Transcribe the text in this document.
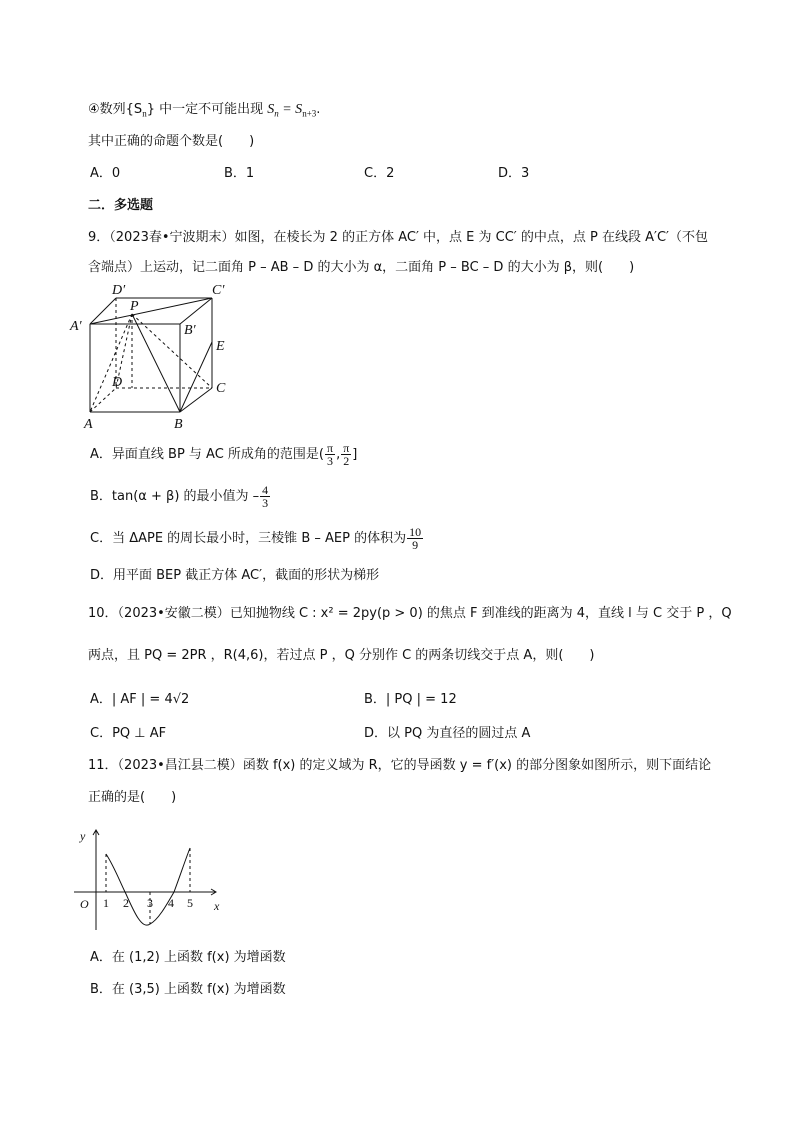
④数列$\{S_n\}$ 中一定不可能出现 $S_n = S_{n+3}$.
其中正确的命题个数是(　　)
A．0	B．1	C．2	D．3
二．多选题
9．（2023春•宁波期末）如图，在棱长为 2 的正方体 AC′ 中，点 E 为 CC′ 的中点，点 P 在线段 A′C′（不包
含端点）上运动，记二面角 P – AB – D 的大小为 α，二面角 P – BC – D 的大小为 β，则(　　)
D′	C′
A′
P
B′
E
D	C
A	B
A．异面直线 BP 与 AC 所成角的范围是( $\frac{\pi}{3}$ , $\frac{\pi}{2}$ ]
B．tan(α + β) 的最小值为 – $\frac{4}{3}$
C．当 ΔAPE 的周长最小时，三棱锥 B – AEP 的体积为 $\frac{10}{9}$
D．用平面 BEP 截正方体 AC′，截面的形状为梯形
10．（2023•安徽二模）已知抛物线 C : x² = 2py(p > 0) 的焦点 F 到准线的距离为 4，直线 l 与 C 交于 P ，Q
两点，且 PQ = 2PR ，R(4,6)，若过点 P ，Q 分别作 C 的两条切线交于点 A，则(　　)
A．| AF | = 4√2	B．| PQ | = 12
C．PQ ⊥ AF	D．以 PQ 为直径的圆过点 A
11．（2023•昌江县二模）函数 f(x) 的定义域为 R，它的导函数 y = f′(x) 的部分图象如图所示，则下面结论
正确的是(　　)
y
x
O 1 2 3 4 5
A．在 (1,2) 上函数 f(x) 为增函数
B．在 (3,5) 上函数 f(x) 为增函数
